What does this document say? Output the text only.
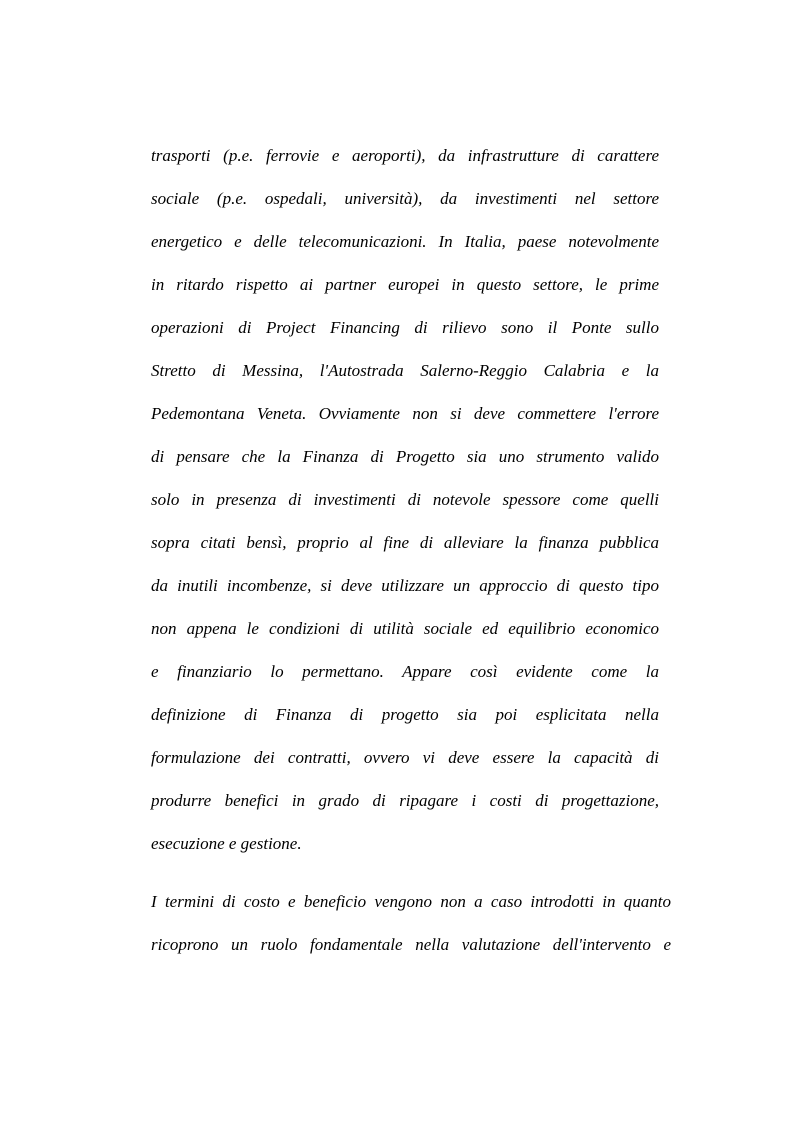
trasporti (p.e. ferrovie e aeroporti), da infrastrutture di carattere
sociale (p.e. ospedali, università), da investimenti nel settore
energetico e delle telecomunicazioni. In Italia, paese notevolmente
in ritardo rispetto ai partner europei in questo settore, le prime
operazioni di Project Financing di rilievo sono il Ponte sullo
Stretto di Messina, l'Autostrada Salerno-Reggio Calabria e la
Pedemontana Veneta. Ovviamente non si deve commettere l'errore
di pensare che la Finanza di Progetto sia uno strumento valido
solo in presenza di investimenti di notevole spessore come quelli
sopra citati bensì, proprio al fine di alleviare la finanza pubblica
da inutili incombenze, si deve utilizzare un approccio di questo tipo
non appena le condizioni di utilità sociale ed equilibrio economico
e finanziario lo permettano. Appare così evidente come la
definizione di Finanza di progetto sia poi esplicitata nella
formulazione dei contratti, ovvero vi deve essere la capacità di
produrre benefici in grado di ripagare i costi di progettazione,
esecuzione e gestione.
I termini di costo e beneficio vengono non a caso introdotti in quanto
ricoprono un ruolo fondamentale nella valutazione dell'intervento e
